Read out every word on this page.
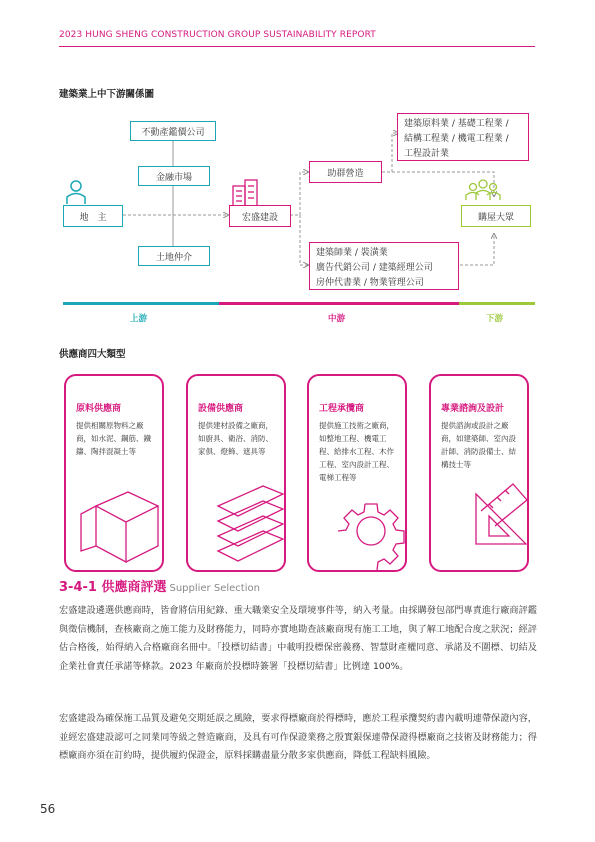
2023 HUNG SHENG CONSTRUCTION GROUP SUSTAINABILITY REPORT
建築業上中下游關係圖
不動產鑑價公司
金融市場
土地仲介
地　主	宏盛建設
助群營造
建築原料業 / 基礎工程業 /
結構工程業 / 機電工程業 /
工程設計業
建築師業 / 裝潢業
廣告代銷公司 / 建築經理公司
房仲代書業 / 物業管理公司
購屋大眾
上游	中游	下游
供應商四大類型
原料供應商
提供相關原物料之廠商，如水泥、鋼筋、鐵鑄、陶拌混凝土等
設備供應商
提供建材設備之廠商，如廚具、衛浴、消防、家俱、燈飾、遮具等
工程承攬商
提供施工技術之廠商，如整地工程、機電工程、給排水工程、木作工程、室內設計工程、電梯工程等
專業諮詢及設計
提供諮詢或設計之廠商，如建築師、室內設計師、消防設備士、結構技士等
3-4-1 供應商評選 Supplier Selection
宏盛建設遴選供應商時，皆會將信用紀錄、重大職業安全及環境事件等，納入考量。由採購發包部門專責進行廠商評鑑與徵信機制，查核廠商之施工能力及財務能力，同時亦實地勘查該廠商現有施工工地，與了解工地配合度之狀況；經評估合格後，始得納入合格廠商名冊中。「投標切結書」中載明投標保密義務、智慧財產權同意、承諾及不圍標、切結及企業社會責任承諾等條款。2023 年廠商於投標時簽署「投標切結書」比例達 100%。
宏盛建設為確保施工品質及避免交期延誤之風險，要求得標廠商於得標時，應於工程承攬契約書內載明連帶保證內容，並經宏盛建設認可之同業同等級之營造廠商，及具有可作保證業務之殷實銀保連帶保證得標廠商之技術及財務能力；得標廠商亦須在訂約時，提供履約保證金，原料採購盡量分散多家供應商，降低工程缺料風險。
56
